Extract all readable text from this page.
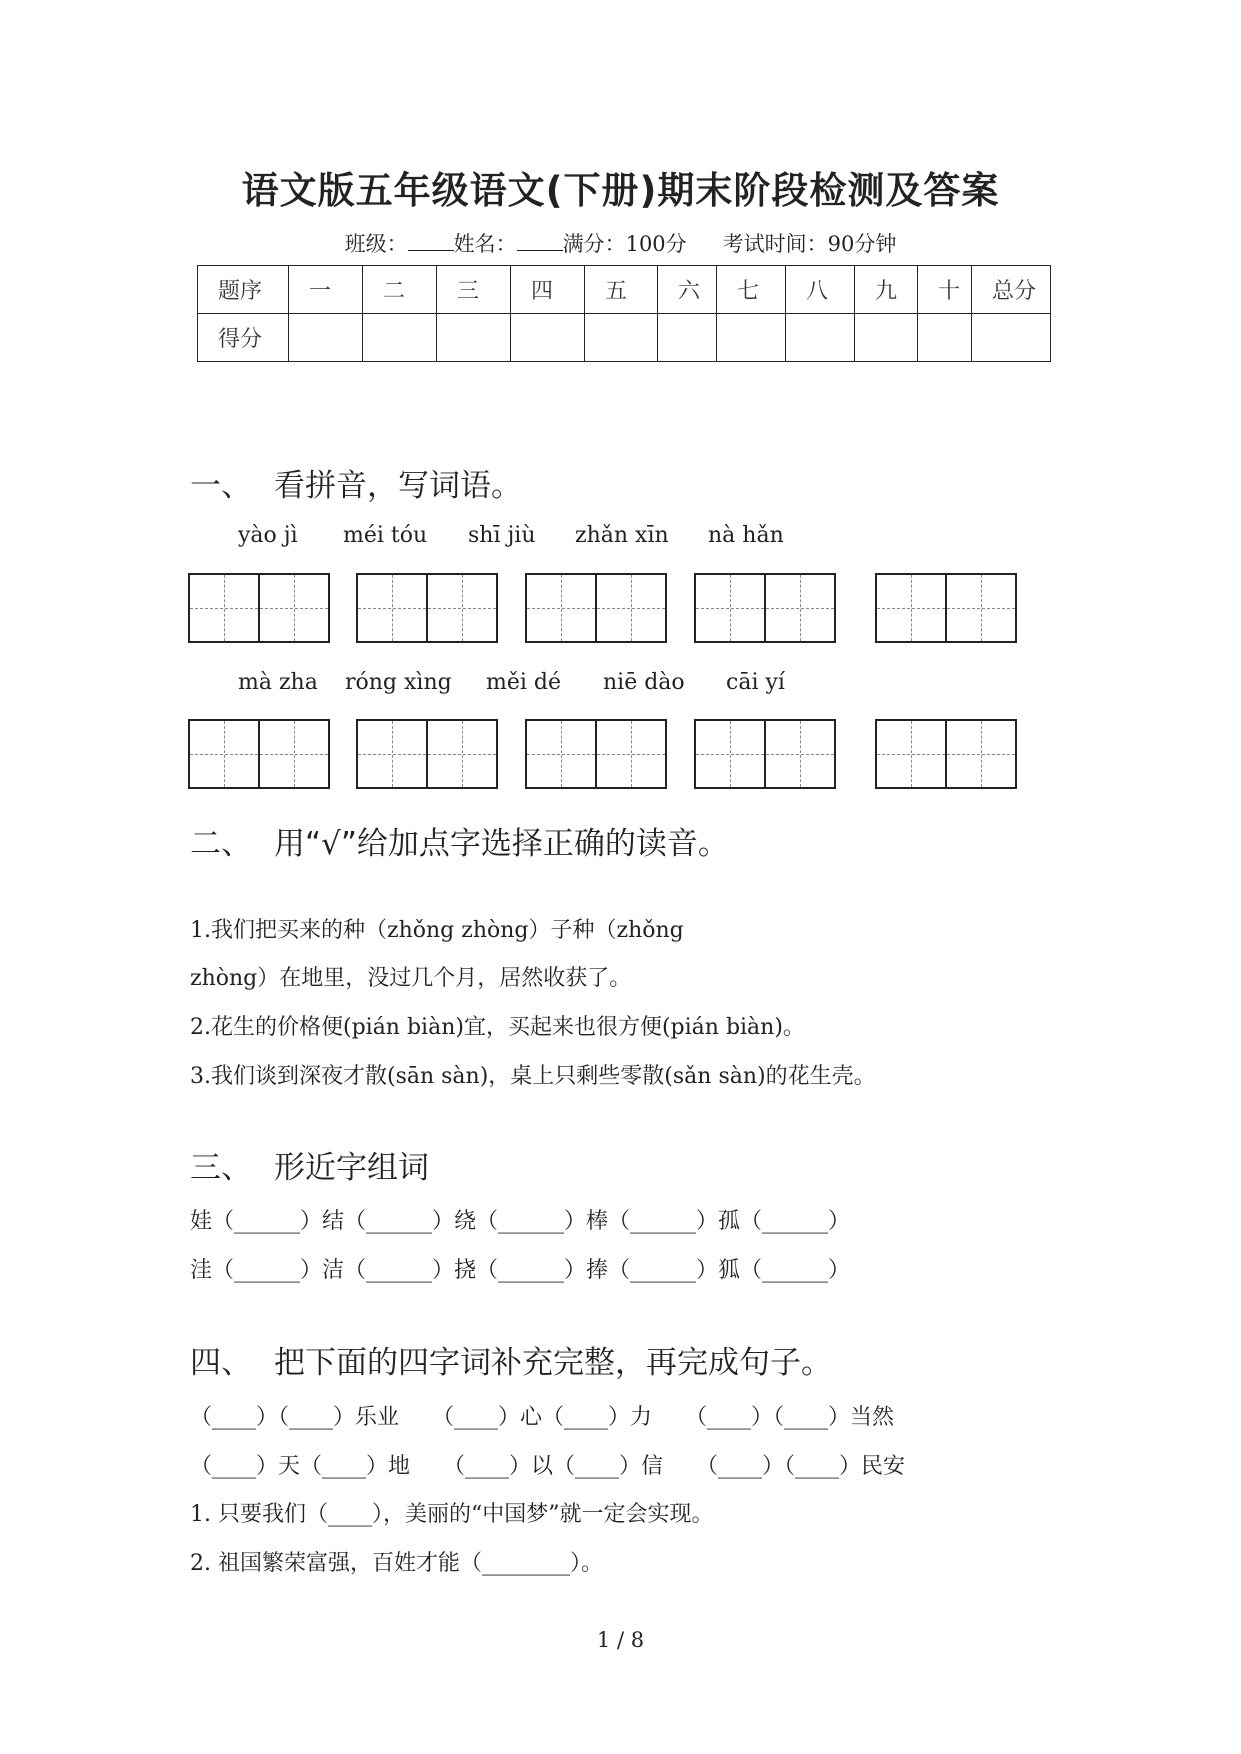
语文版五年级语文(下册)期末阶段检测及答案
班级： 姓名： 满分：100分 考试时间：90分钟
题序	一	二	三	四	五	六	七	八	九	十	总分
得分											
一、 看拼音，写词语。
yào jì méi tóu shī jiù zhǎn xīn nà hǎn
mà zha róng xìng měi dé niē dào cāi yí
二、 用“√”给加点字选择正确的读音。
1.我们把买来的种（zhǒng zhòng）子种（zhǒng
zhòng）在地里，没过几个月，居然收获了。
2.花生的价格便(pián biàn)宜，买起来也很方便(pián biàn)。
3.我们谈到深夜才散(sān sàn)，桌上只剩些零散(sǎn sàn)的花生壳。
三、 形近字组词
娃（______）结（______）绕（______）棒（______）孤（______）
洼（______）洁（______）挠（______）捧（______）狐（______）
四、 把下面的四字词补充完整，再完成句子。
（____）（____）乐业　　（____）心（____）力　　（____）（____）当然
（____）天（____）地　　（____）以（____）信　　（____）（____）民安
1. 只要我们（____），美丽的“中国梦”就一定会实现。
2. 祖国繁荣富强，百姓才能（________）。
1 / 8
